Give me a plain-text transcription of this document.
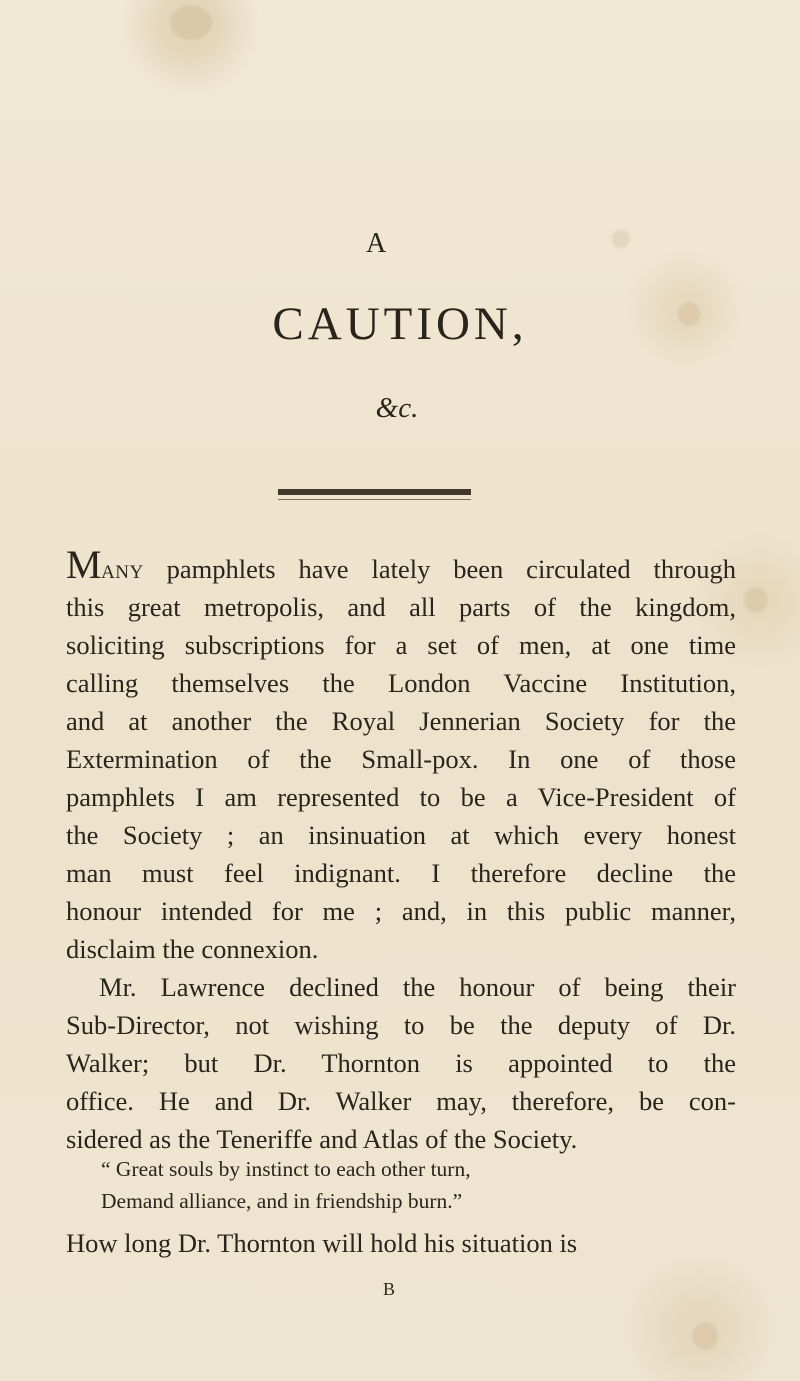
A
CAUTION,
&c.
Many pamphlets have lately been circulated through
this great metropolis, and all parts of the kingdom,
soliciting subscriptions for a set of men, at one time
calling themselves the London Vaccine Institution,
and at another the Royal Jennerian Society for the
Extermination of the Small-pox. In one of those
pamphlets I am represented to be a Vice-President of
the Society ; an insinuation at which every honest
man must feel indignant. I therefore decline the
honour intended for me ; and, in this public manner,
disclaim the connexion.
Mr. Lawrence declined the honour of being their
Sub-Director, not wishing to be the deputy of Dr.
Walker; but Dr. Thornton is appointed to the
office. He and Dr. Walker may, therefore, be con-
sidered as the Teneriffe and Atlas of the Society.
“ Great souls by instinct to each other turn,
Demand alliance, and in friendship burn.”
How long Dr. Thornton will hold his situation is
B
